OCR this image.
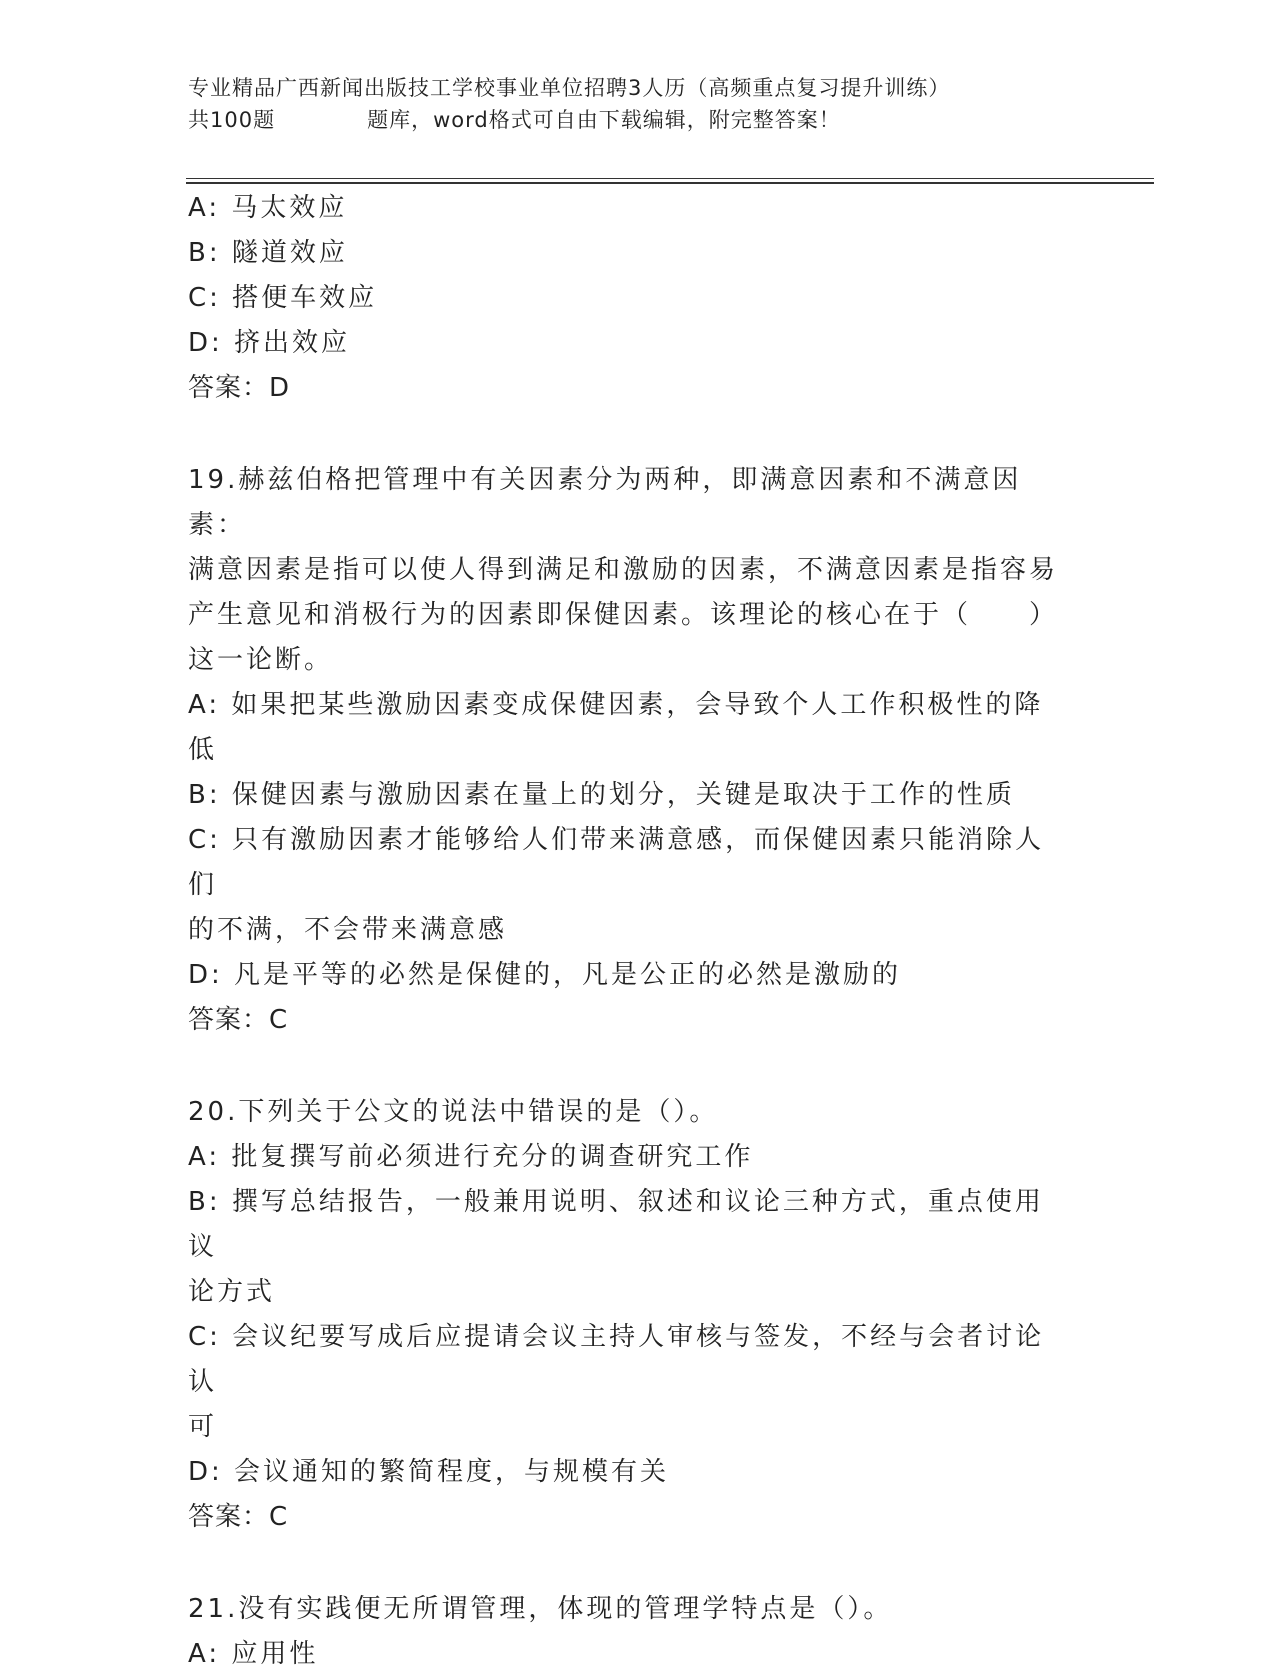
专业精品广西新闻出版技工学校事业单位招聘3人历（高频重点复习提升训练）
共100题	题库，word格式可自由下载编辑，附完整答案！

A: 马太效应

B: 隧道效应

C: 搭便车效应

D: 挤出效应

答案：D

19.赫兹伯格把管理中有关因素分为两种，即满意因素和不满意因素：

满意因素是指可以使人得到满足和激励的因素，不满意因素是指容易

产生意见和消极行为的因素即保健因素。该理论的核心在于（　　）

这一论断。

A: 如果把某些激励因素变成保健因素，会导致个人工作积极性的降低

B: 保健因素与激励因素在量上的划分，关键是取决于工作的性质

C: 只有激励因素才能够给人们带来满意感，而保健因素只能消除人们

的不满，不会带来满意感

D: 凡是平等的必然是保健的，凡是公正的必然是激励的

答案：C

20.下列关于公文的说法中错误的是（）。

A: 批复撰写前必须进行充分的调查研究工作

B: 撰写总结报告，一般兼用说明、叙述和议论三种方式，重点使用议

论方式

C: 会议纪要写成后应提请会议主持人审核与签发，不经与会者讨论认

可

D: 会议通知的繁简程度，与规模有关

答案：C

21.没有实践便无所谓管理，体现的管理学特点是（）。

A: 应用性
